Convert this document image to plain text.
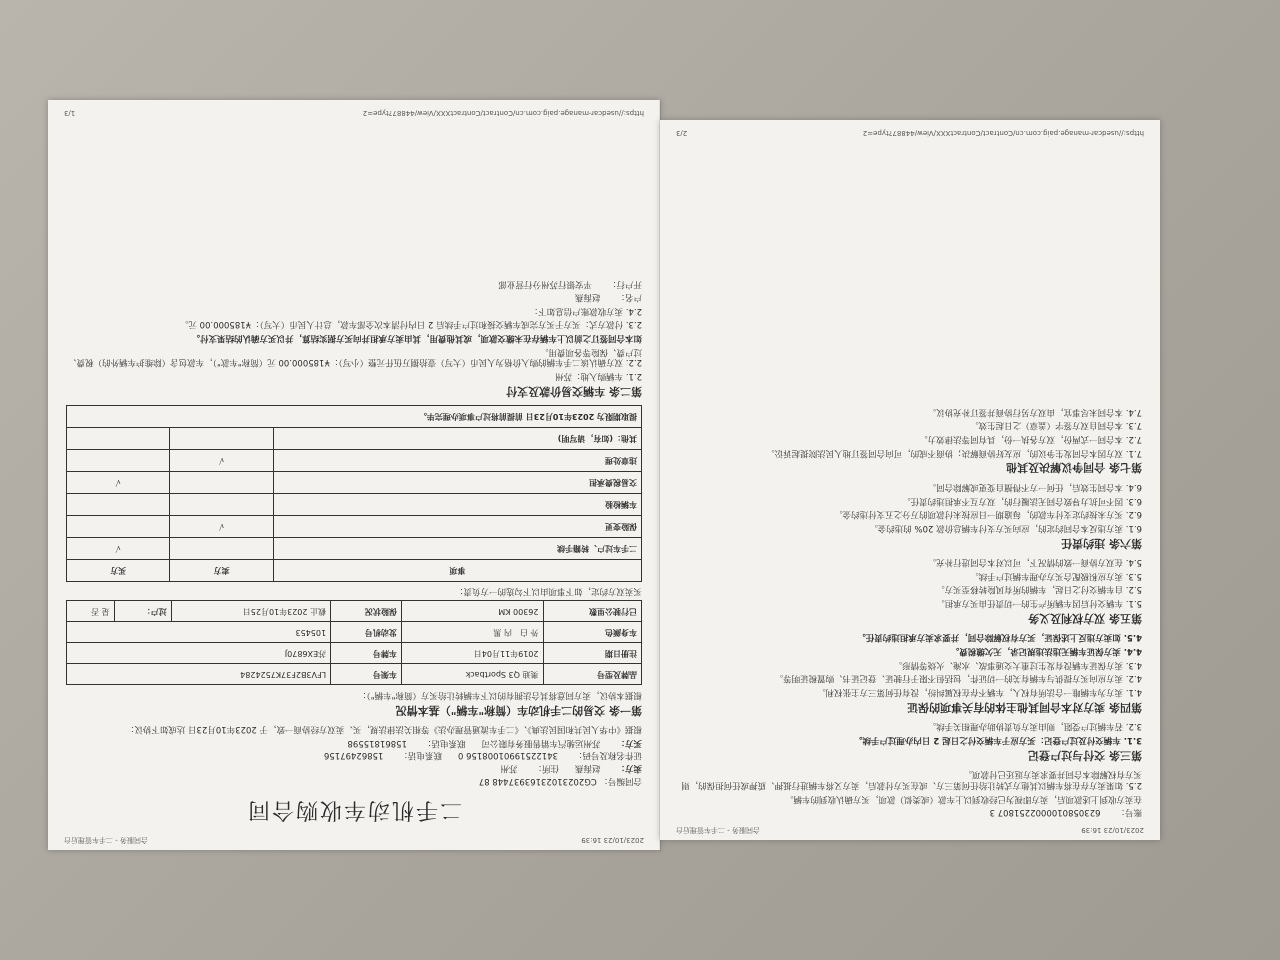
2023/10/23 16:39
合同服务 - 二手车管理后台
二手机动车收购合同
合同编号： CG20231023163937448 87
卖方：
赵海燕
住所：
苏州
证件名称及号码：
34122519901008156 0
联系电话：
15862497156
买方：
苏州运驰汽车销售服务有限公司
联系电话：
15861815598
根据《中华人民共和国民法典》、《二手车流通管理办法》等相关法律法规，买、卖双方经协商一致，于 2023年10月23日 达成如下协议：
第一条 交易的二手机动车（简称"车辆"）基本情况
根据本协议，卖方同意将其合法拥有的以下车辆转让给买方（简称"车辆"）：
品牌及型号	奥迪 Q3 Sportback	车架号	LFV3B2F37K7524284		
注册日期	2019年11月04日	车牌号	苏EX6870J		
车身颜色	外 白　内 黑	发动机号	105453		
已行驶公里数	26300 KM	保险状况	截止 2023年10月25日	过户：	是 否
买卖双方约定，如下事项由以下勾选的一方负责：
事项	卖方	买方
二手车过户、转籍手续		√
保险变更	√	
车辆检验		
交易税费承担		√
违章处理	√	
其他：(如有，请写明)		
提取期限为 2023年10月23日 前提前将过户事项办理完毕。		
第二条 车辆交易价款及支付
2.1. 车辆购入地：苏州
2.2. 双方确认该二手车辆的购入价格为人民币（大写）壹拾捌万伍仟元整（小写）：¥185000.00 元（简称"车款"），车款包含（除维护车辆外的）税费、过户费、保险等各项费用。
如本合同签订之前以上车辆存在未缴交款项，或其他费用，其由卖方承担并向买方据实结算，并以买方确认的结果支付。
2.3. 付款方式：买方于买方完成车辆交接和过户手续后 2 日内付清本次全部车款，总计人民币（大写）：¥185000.00 元。
2.4. 卖方收款账户信息如下：
户名：
赵海燕
开户行：
平安银行苏州分行营业部
https://usedcar-manage.paig.com.cn/Contract/ContractXXX/View/44887?type=2
1/3
2023/10/23 16:39
合同服务 - 二手车管理后台
账号：
6230580100002251807 3
在卖方收到上述款项后，卖方即视为已经收到以上车款（或类似）款项，买方确认收到的车辆。
2.5. 如果卖方存在将车辆以其他方式转让给任何第三方、或在买方付款后，卖方又将车辆进行抵押、质押或任何担保的，则买方有权解除本合同并要求卖方返还已付款项。
第三条 交付与过户登记
3.1. 车辆交付及过户登记：买方应于车辆交付之日起 2 日内办理过户手续。
3.2. 若车辆过户受阻，则由卖方负责协助办理相关手续。
第四条 卖方对本合同其他主体的有关事项的保证
4.1. 卖方为车辆唯一合法所有权人，车辆不存在权属纠纷，没有任何第三方主张权利。
4.2. 卖方应向买方提供与车辆有关的一切证件，包括但不限于行驶证、登记证书、购置税证明等。
4.3. 卖方保证车辆没有发生过重大交通事故、水淹、火烧等情形。
4.4. 卖方保证车辆无违法违规记录，无欠缴税费。
4.5. 如卖方违反上述保证，买方有权解除合同，并要求卖方承担违约责任。
第五条 双方权利及义务
5.1. 车辆交付后因车辆所产生的一切责任由买方承担。
5.2. 自车辆交付之日起，车辆的所有风险转移至买方。
5.3. 卖方应积极配合买方办理车辆过户手续。
5.4. 在双方协商一致的情况下，可以对本合同进行补充。
第六条 违约责任
6.1. 卖方违反本合同约定的，应向买方支付车辆总价款 20% 的违约金。
6.2. 买方未按约定支付车款的，每逾期一日应按未付款项的万分之五支付违约金。
6.3. 因不可抗力导致合同无法履行的，双方互不承担违约责任。
6.4. 本合同生效后，任何一方不得擅自变更或解除合同。
第七条 合同争议解决及其他
7.1. 双方因本合同发生争议的，应友好协商解决；协商不成的，可向合同签订地人民法院提起诉讼。
7.2. 本合同一式两份，双方各执一份，具有同等法律效力。
7.3. 本合同自双方签字（盖章）之日起生效。
7.4. 本合同未尽事宜，由双方另行协商并签订补充协议。
https://usedcar-manage.paig.com.cn/Contract/ContractXXX/View/44887?type=2
2/3
